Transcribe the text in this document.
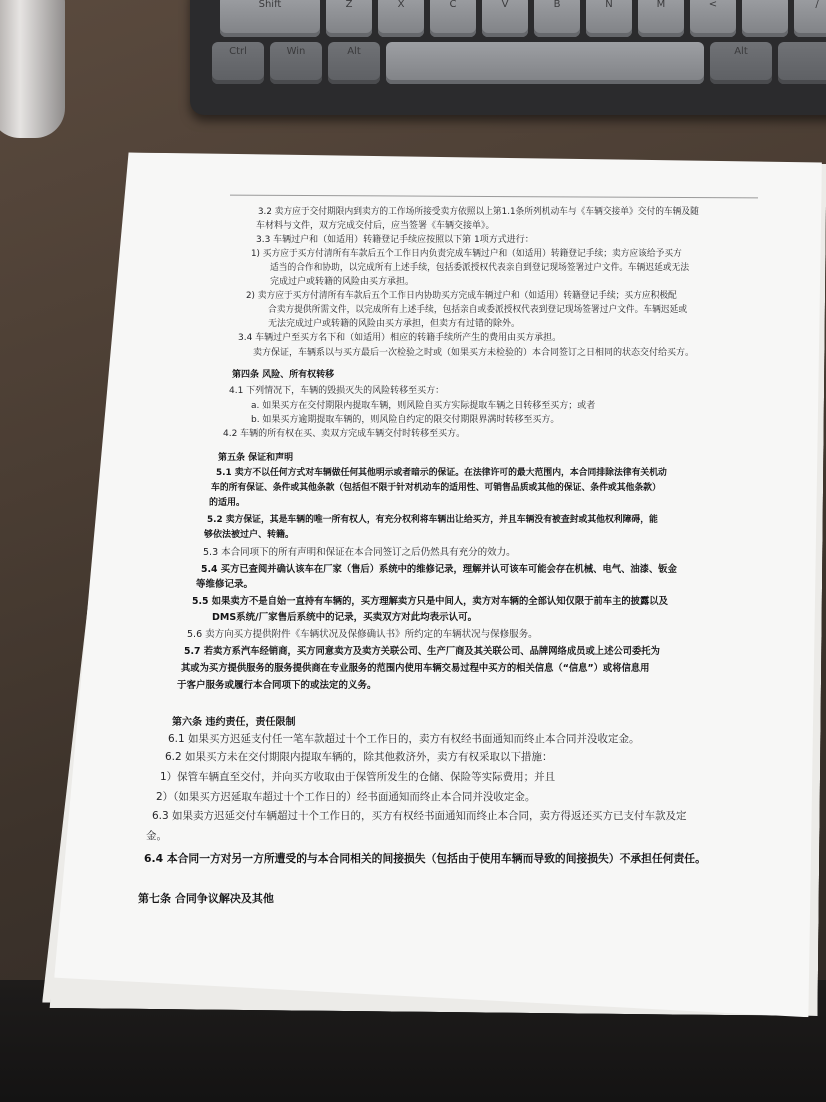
Shift	Z	X	C	V	B	N	M	<	/
Ctrl	Win	Alt	Alt
3.2 卖方应于交付期限内到卖方的工作场所接受卖方依照以上第1.1条所列机动车与《车辆交接单》交付的车辆及随
车材料与文件，双方完成交付后，应当签署《车辆交接单》。
3.3 车辆过户和（如适用）转籍登记手续应按照以下第 1项方式进行：
1) 买方应于买方付清所有车款后五个工作日内负责完成车辆过户和（如适用）转籍登记手续；卖方应该给予买方
适当的合作和协助，以完成所有上述手续，包括委派授权代表亲自到登记现场签署过户文件。车辆迟延或无法
完成过户或转籍的风险由买方承担。
2) 卖方应于买方付清所有车款后五个工作日内协助买方完成车辆过户和（如适用）转籍登记手续；买方应积极配
合卖方提供所需文件，以完成所有上述手续，包括亲自或委派授权代表到登记现场签署过户文件。车辆迟延或
无法完成过户或转籍的风险由买方承担，但卖方有过错的除外。
3.4 车辆过户至买方名下和（如适用）相应的转籍手续所产生的费用由买方承担。
卖方保证，车辆系以与买方最后一次检验之时或（如果买方未检验的）本合同签订之日相同的状态交付给买方。
第四条 风险、所有权转移
4.1 下列情况下，车辆的毁损灭失的风险转移至买方：
a. 如果买方在交付期限内提取车辆，则风险自买方实际提取车辆之日转移至买方；或者
b. 如果买方逾期提取车辆的，则风险自约定的限交付期限界满时转移至买方。
4.2 车辆的所有权在买、卖双方完成车辆交付时转移至买方。
第五条 保证和声明
5.1 卖方不以任何方式对车辆做任何其他明示或者暗示的保证。在法律许可的最大范围内，本合同排除法律有关机动
车的所有保证、条件或其他条款（包括但不限于针对机动车的适用性、可销售品质或其他的保证、条件或其他条款）
的适用。
5.2 卖方保证，其是车辆的唯一所有权人，有充分权利将车辆出让给买方，并且车辆没有被查封或其他权利障碍，能
够依法被过户、转籍。
5.3 本合同项下的所有声明和保证在本合同签订之后仍然具有充分的效力。
5.4 买方已查阅并确认该车在厂家（售后）系统中的维修记录，理解并认可该车可能会存在机械、电气、油漆、钣金
等维修记录。
5.5 如果卖方不是自始一直持有车辆的，买方理解卖方只是中间人，卖方对车辆的全部认知仅限于前车主的披露以及
DMS系统/厂家售后系统中的记录，买卖双方对此均表示认可。
5.6 卖方向买方提供附件《车辆状况及保修确认书》所约定的车辆状况与保修服务。
5.7 若卖方系汽车经销商，买方同意卖方及卖方关联公司、生产厂商及其关联公司、品牌网络成员或上述公司委托为
其或为买方提供服务的服务提供商在专业服务的范围内使用车辆交易过程中买方的相关信息（“信息”）或将信息用
于客户服务或履行本合同项下的或法定的义务。
第六条 违约责任，责任限制
6.1 如果买方迟延支付任一笔车款超过十个工作日的，卖方有权经书面通知而终止本合同并没收定金。
6.2 如果买方未在交付期限内提取车辆的，除其他救济外，卖方有权采取以下措施：
1）保管车辆直至交付，并向买方收取由于保管所发生的仓储、保险等实际费用；并且
2）（如果买方迟延取车超过十个工作日的）经书面通知而终止本合同并没收定金。
6.3 如果卖方迟延交付车辆超过十个工作日的，买方有权经书面通知而终止本合同，卖方得返还买方已支付车款及定
金。
6.4 本合同一方对另一方所遭受的与本合同相关的间接损失（包括由于使用车辆而导致的间接损失）不承担任何责任。
第七条 合同争议解决及其他
